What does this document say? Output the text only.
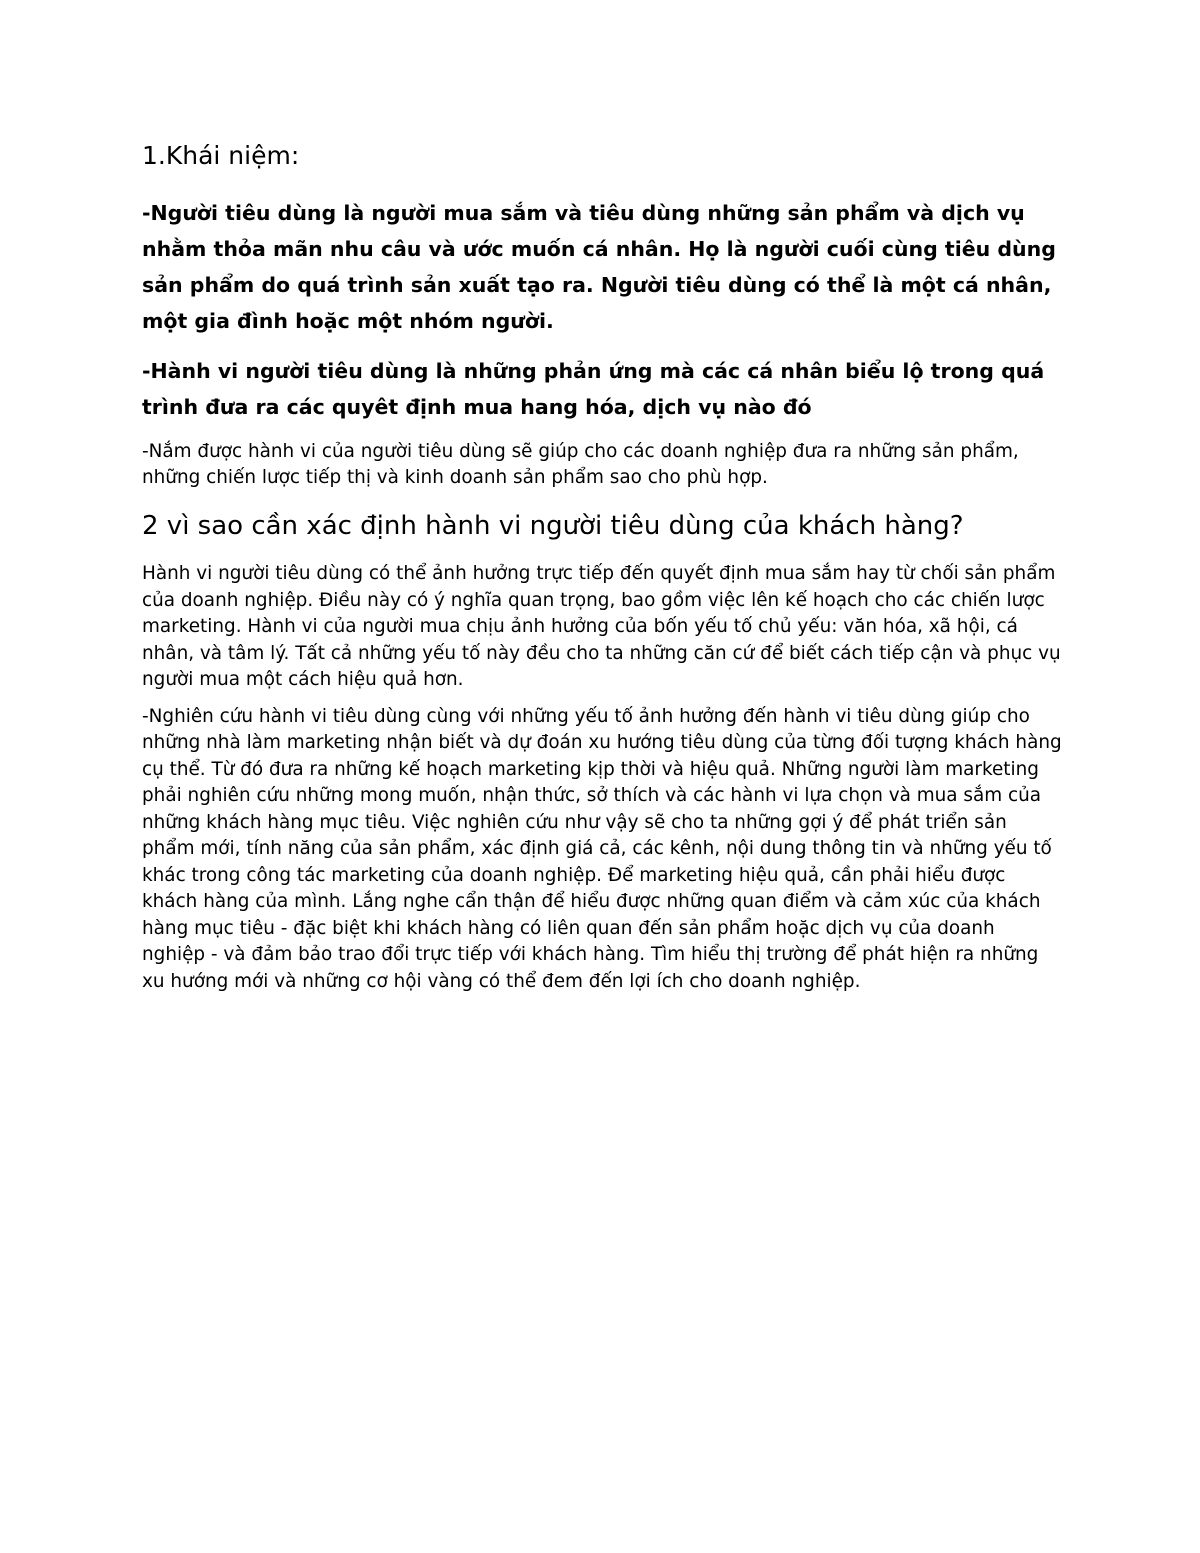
1.Khái niệm:

-Người tiêu dùng là người mua sắm và tiêu dùng những sản phẩm và dịch vụ nhằm thỏa mãn nhu câu và ước muốn cá nhân. Họ là người cuối cùng tiêu dùng sản phẩm do quá trình sản xuất tạo ra. Người tiêu dùng có thể là một cá nhân, một gia đình hoặc một nhóm người.

-Hành vi người tiêu dùng là những phản ứng mà các cá nhân biểu lộ trong quá trình đưa ra các quyêt định mua hang hóa, dịch vụ nào đó

-Nắm được hành vi của người tiêu dùng sẽ giúp cho các doanh nghiệp đưa ra những sản phẩm, những chiến lược tiếp thị và kinh doanh sản phẩm sao cho phù hợp.

2 vì sao cần xác định hành vi người tiêu dùng của khách hàng?

Hành vi người tiêu dùng có thể ảnh hưởng trực tiếp đến quyết định mua sắm hay từ chối sản phẩm của doanh nghiệp. Điều này có ý nghĩa quan trọng, bao gồm việc lên kế hoạch cho các chiến lược marketing. Hành vi của người mua chịu ảnh hưởng của bốn yếu tố chủ yếu: văn hóa, xã hội, cá nhân, và tâm lý. Tất cả những yếu tố này đều cho ta những căn cứ để biết cách tiếp cận và phục vụ người mua một cách hiệu quả hơn.

-Nghiên cứu hành vi tiêu dùng cùng với những yếu tố ảnh hưởng đến hành vi tiêu dùng giúp cho những nhà làm marketing nhận biết và dự đoán xu hướng tiêu dùng của từng đối tượng khách hàng cụ thể. Từ đó đưa ra những kế hoạch marketing kịp thời và hiệu quả. Những người làm marketing phải nghiên cứu những mong muốn, nhận thức, sở thích và các hành vi lựa chọn và mua sắm của những khách hàng mục tiêu. Việc nghiên cứu như vậy sẽ cho ta những gợi ý để phát triển sản phẩm mới, tính năng của sản phẩm, xác định giá cả, các kênh, nội dung thông tin và những yếu tố khác trong công tác marketing của doanh nghiệp. Để marketing hiệu quả, cần phải hiểu được khách hàng của mình. Lắng nghe cẩn thận để hiểu được những quan điểm và cảm xúc của khách hàng mục tiêu - đặc biệt khi khách hàng có liên quan đến sản phẩm hoặc dịch vụ của doanh nghiệp - và đảm bảo trao đổi trực tiếp với khách hàng. Tìm hiểu thị trường để phát hiện ra những xu hướng mới và những cơ hội vàng có thể đem đến lợi ích cho doanh nghiệp.
